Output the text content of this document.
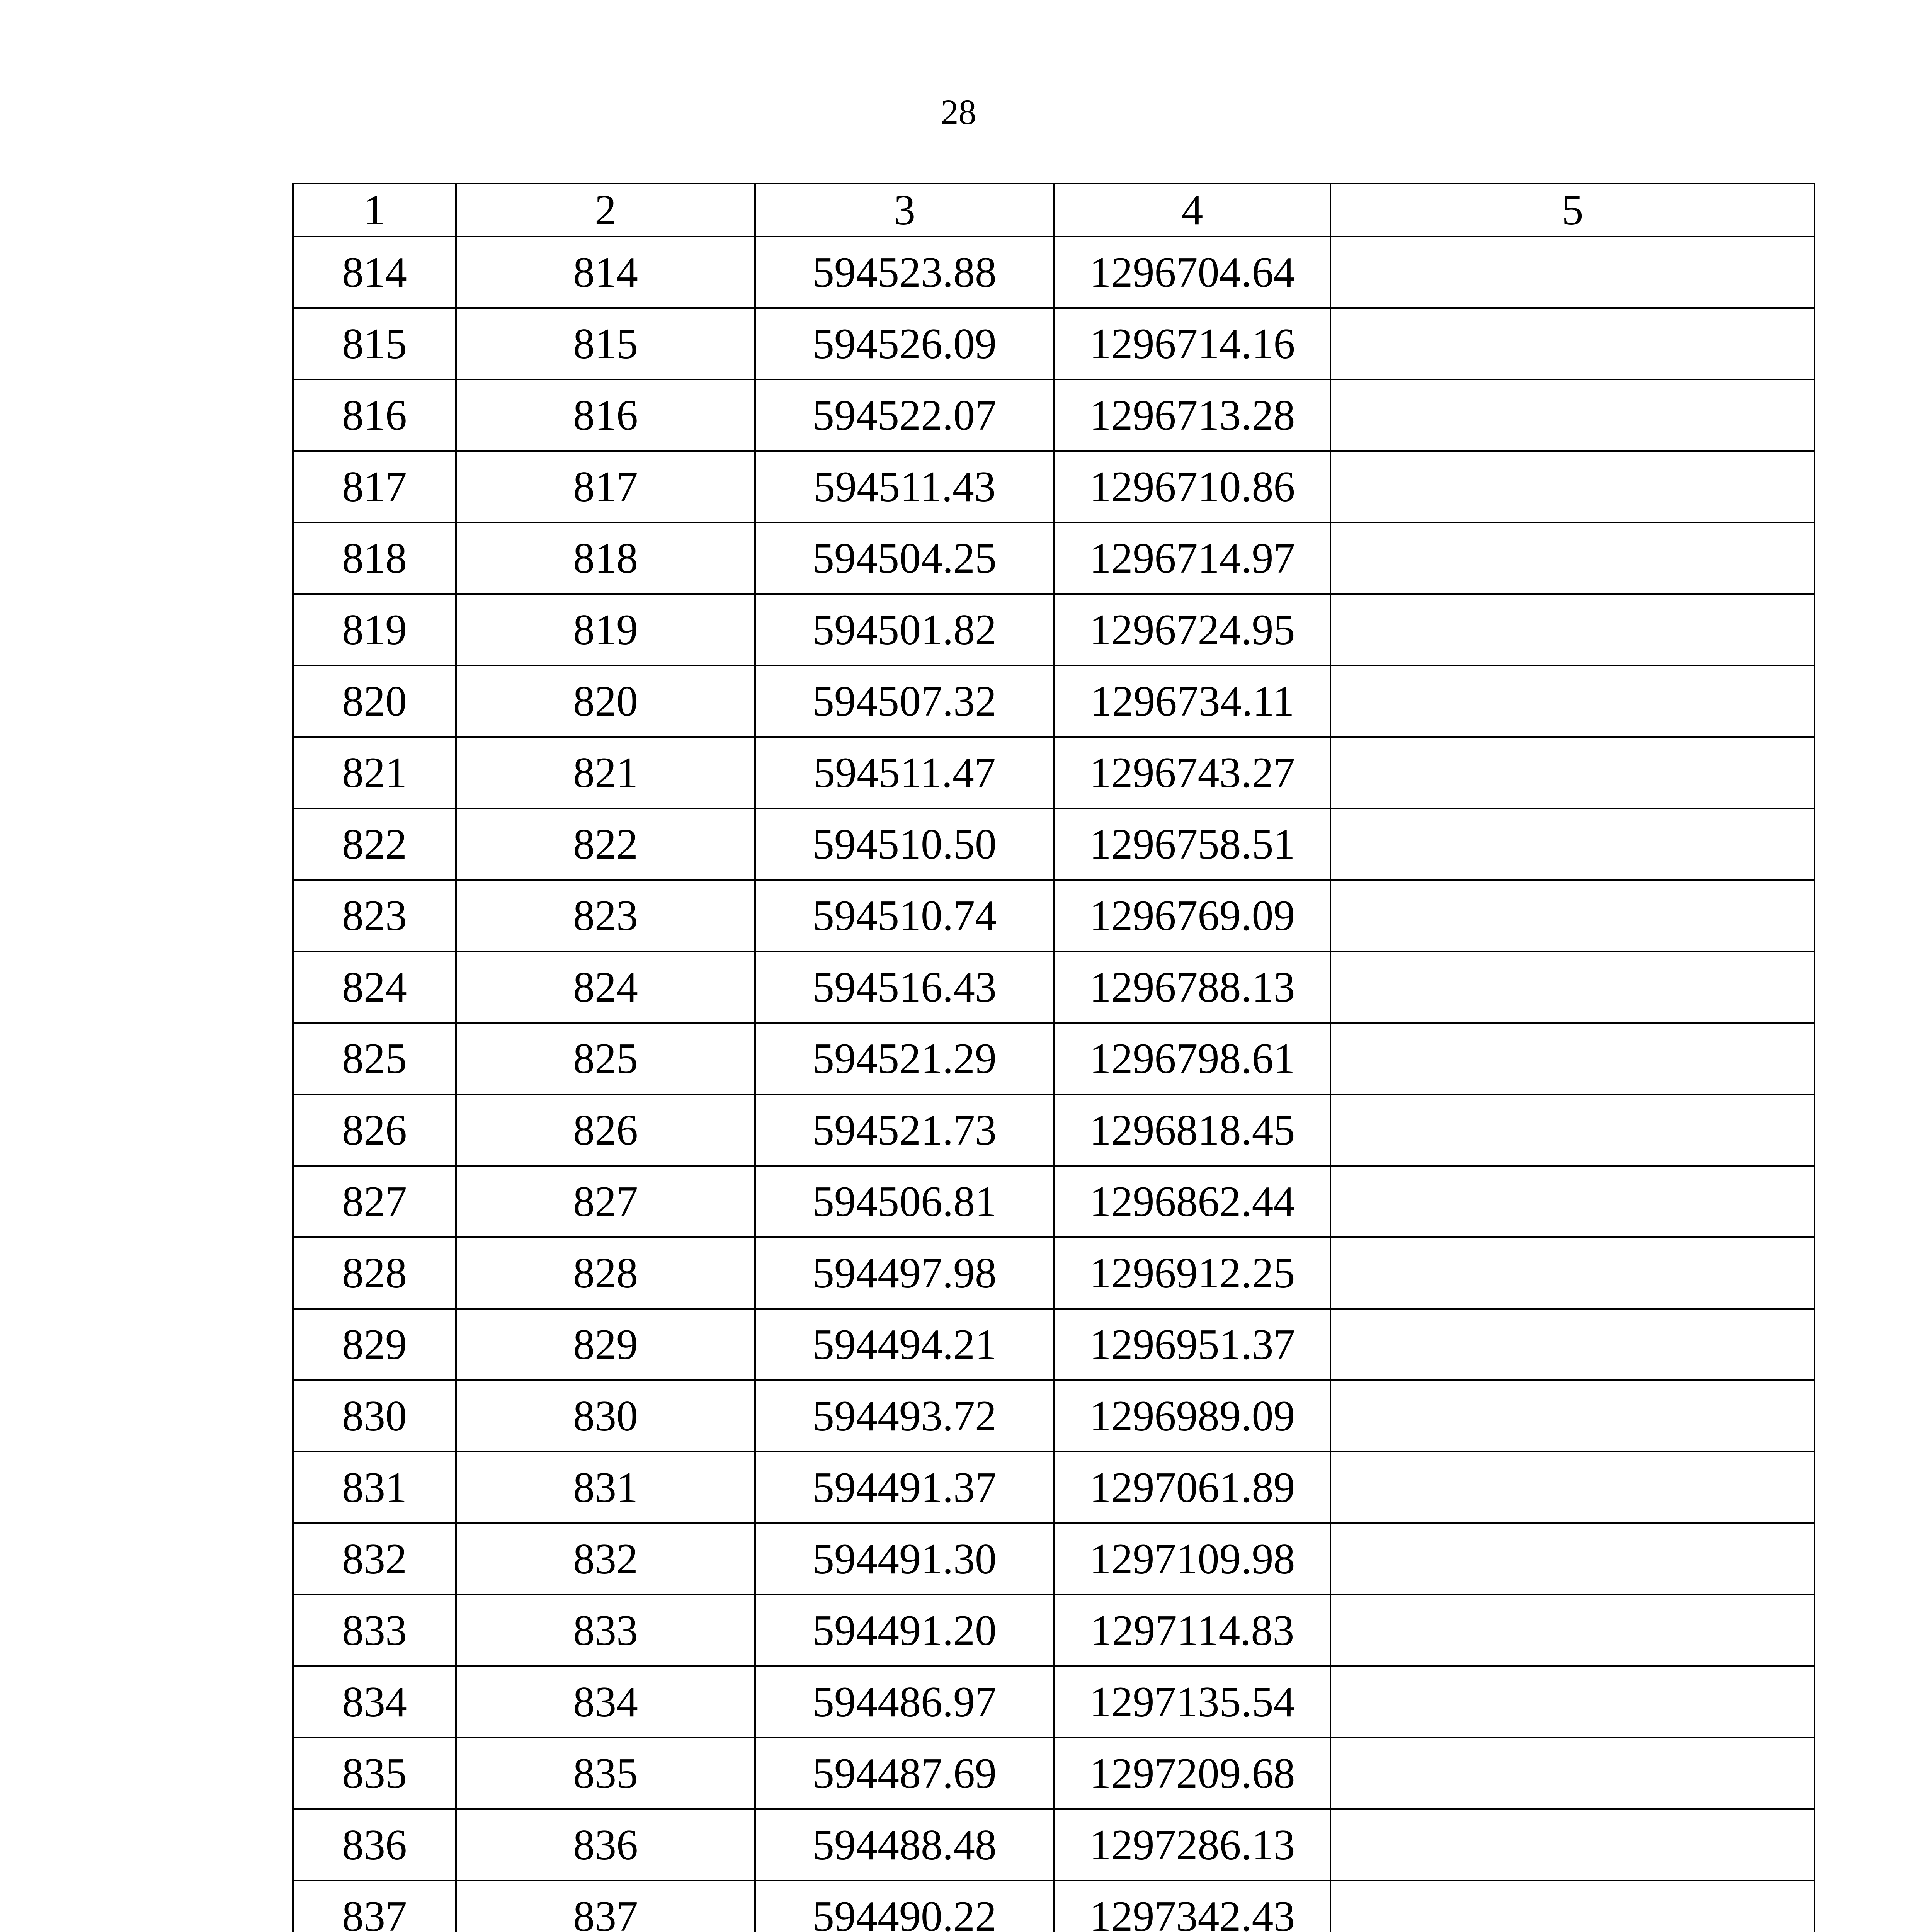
28
1	2	3	4	5
814	814	594523.88	1296704.64	
815	815	594526.09	1296714.16	
816	816	594522.07	1296713.28	
817	817	594511.43	1296710.86	
818	818	594504.25	1296714.97	
819	819	594501.82	1296724.95	
820	820	594507.32	1296734.11	
821	821	594511.47	1296743.27	
822	822	594510.50	1296758.51	
823	823	594510.74	1296769.09	
824	824	594516.43	1296788.13	
825	825	594521.29	1296798.61	
826	826	594521.73	1296818.45	
827	827	594506.81	1296862.44	
828	828	594497.98	1296912.25	
829	829	594494.21	1296951.37	
830	830	594493.72	1296989.09	
831	831	594491.37	1297061.89	
832	832	594491.30	1297109.98	
833	833	594491.20	1297114.83	
834	834	594486.97	1297135.54	
835	835	594487.69	1297209.68	
836	836	594488.48	1297286.13	
837	837	594490.22	1297342.43	
